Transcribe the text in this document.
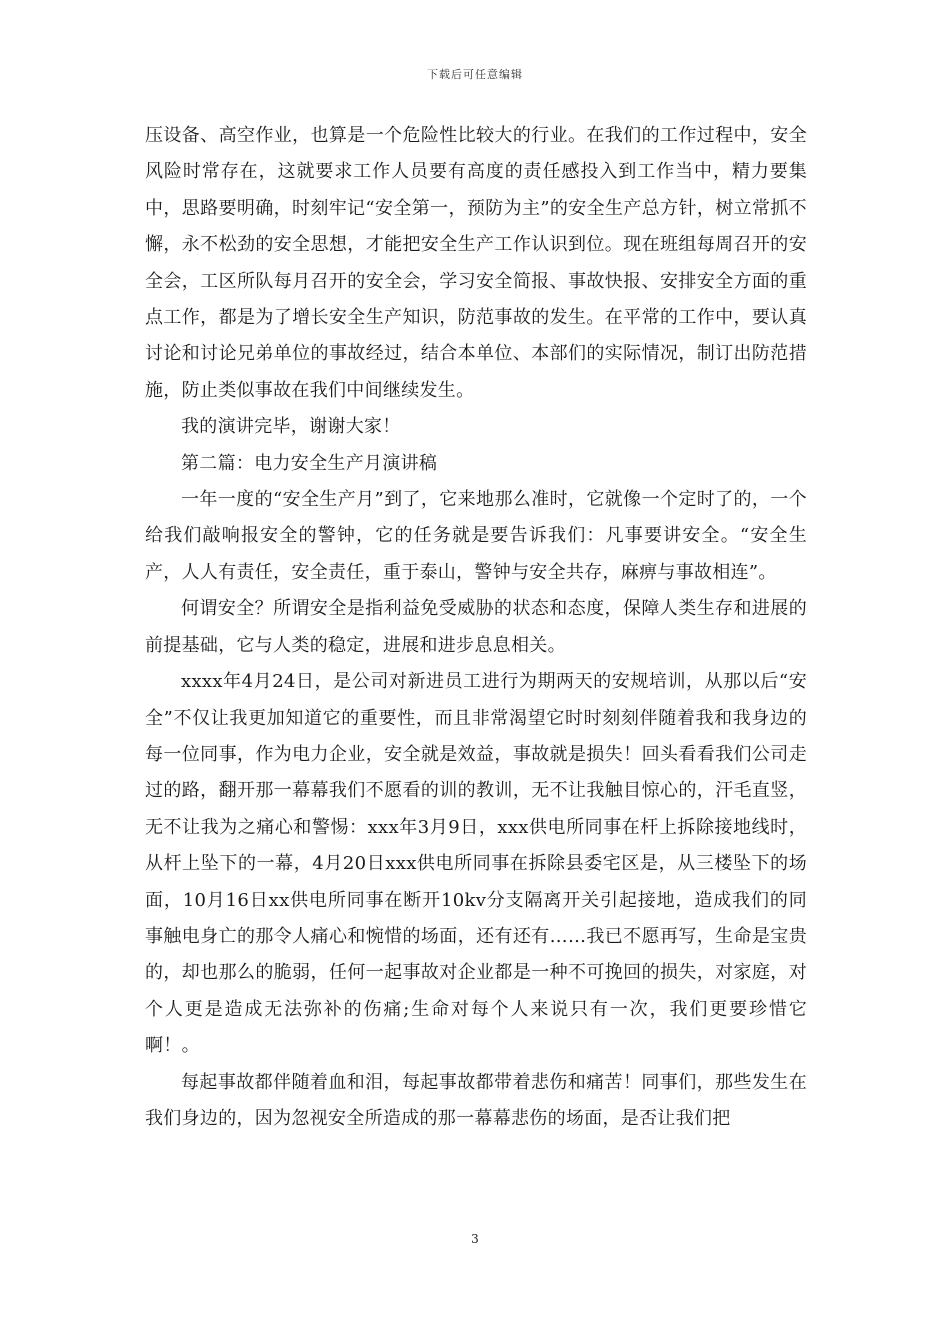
下载后可任意编辑

压设备、高空作业，也算是一个危险性比较大的行业。在我们的工作过程中，安全风险时常存在，这就要求工作人员要有高度的责任感投入到工作当中，精力要集中，思路要明确，时刻牢记“安全第一，预防为主”的安全生产总方针，树立常抓不懈，永不松劲的安全思想，才能把安全生产工作认识到位。现在班组每周召开的安全会，工区所队每月召开的安全会，学习安全简报、事故快报、安排安全方面的重点工作，都是为了增长安全生产知识，防范事故的发生。在平常的工作中，要认真讨论和讨论兄弟单位的事故经过，结合本单位、本部们的实际情况，制订出防范措施，防止类似事故在我们中间继续发生。

我的演讲完毕，谢谢大家！

第二篇：电力安全生产月演讲稿

一年一度的“安全生产月”到了，它来地那么准时，它就像一个定时了的，一个给我们敲响报安全的警钟，它的任务就是要告诉我们：凡事要讲安全。“安全生产，人人有责任，安全责任，重于泰山，警钟与安全共存，麻痹与事故相连”。

何谓安全？所谓安全是指利益免受威胁的状态和态度，保障人类生存和进展的前提基础，它与人类的稳定，进展和进步息息相关。

xxxx年4月24日，是公司对新进员工进行为期两天的安规培训，从那以后“安全”不仅让我更加知道它的重要性，而且非常渴望它时时刻刻伴随着我和我身边的每一位同事，作为电力企业，安全就是效益，事故就是损失！回头看看我们公司走过的路，翻开那一幕幕我们不愿看的训的教训，无不让我触目惊心的，汗毛直竖，无不让我为之痛心和警惕：xxx年3月9日，xxx供电所同事在杆上拆除接地线时，从杆上坠下的一幕，4月20日xxx供电所同事在拆除县委宅区是，从三楼坠下的场面，10月16日xx供电所同事在断开10kv分支隔离开关引起接地，造成我们的同事触电身亡的那令人痛心和惋惜的场面，还有还有……我已不愿再写，生命是宝贵的，却也那么的脆弱，任何一起事故对企业都是一种不可挽回的损失，对家庭，对个人更是造成无法弥补的伤痛;生命对每个人来说只有一次，我们更要珍惜它啊！。

每起事故都伴随着血和泪，每起事故都带着悲伤和痛苦！同事们，那些发生在我们身边的，因为忽视安全所造成的那一幕幕悲伤的场面，是否让我们把

3
